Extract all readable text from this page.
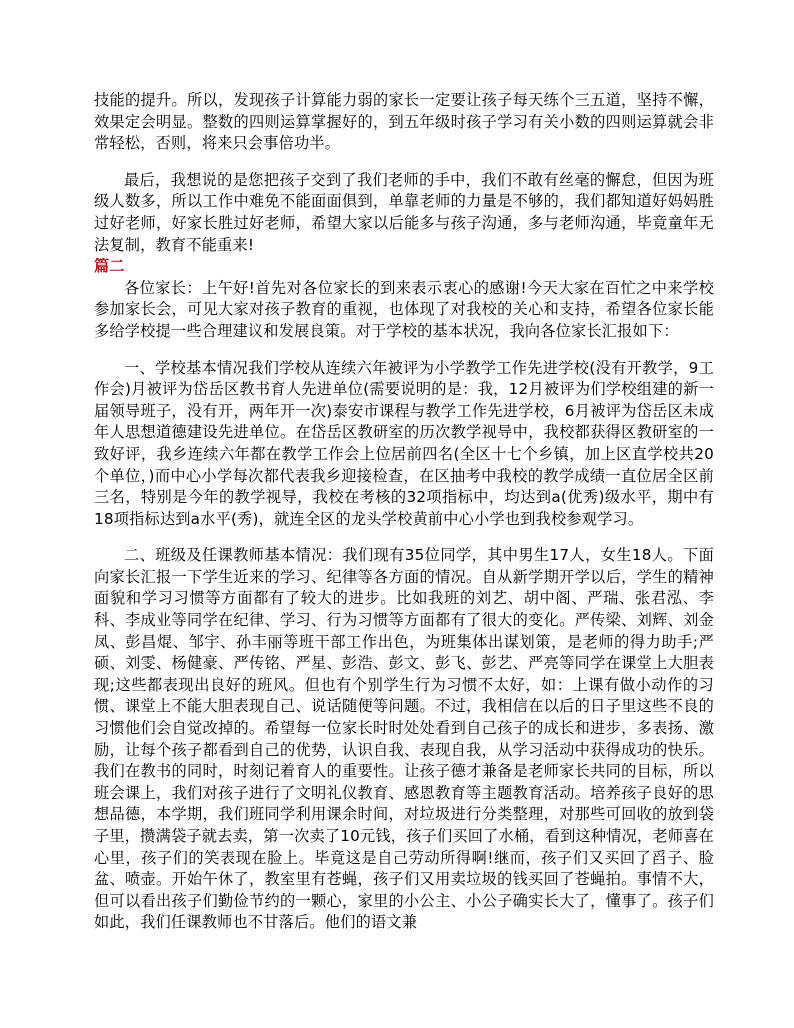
技能的提升。所以，发现孩子计算能力弱的家长一定要让孩子每天练个三五道，坚持不懈，效果定会明显。整数的四则运算掌握好的，到五年级时孩子学习有关小数的四则运算就会非常轻松，否则，将来只会事倍功半。

最后，我想说的是您把孩子交到了我们老师的手中，我们不敢有丝毫的懈怠，但因为班级人数多，所以工作中难免不能面面俱到，单靠老师的力量是不够的，我们都知道好妈妈胜过好老师，好家长胜过好老师，希望大家以后能多与孩子沟通，多与老师沟通，毕竟童年无法复制，教育不能重来!

篇二

各位家长：上午好!首先对各位家长的到来表示衷心的感谢!今天大家在百忙之中来学校参加家长会，可见大家对孩子教育的重视，也体现了对我校的关心和支持，希望各位家长能多给学校提一些合理建议和发展良策。对于学校的基本状况，我向各位家长汇报如下：

一、学校基本情况我们学校从连续六年被评为小学教学工作先进学校(没有开教学，9工作会)月被评为岱岳区教书育人先进单位(需要说明的是：我，12月被评为们学校组建的新一届领导班子，没有开，两年开一次)泰安市课程与教学工作先进学校，6月被评为岱岳区未成年人思想道德建设先进单位。在岱岳区教研室的历次教学视导中，我校都获得区教研室的一致好评，我乡连续六年都在教学工作会上位居前四名(全区十七个乡镇，加上区直学校共20个单位，)而中心小学每次都代表我乡迎接检查，在区抽考中我校的教学成绩一直位居全区前三名，特别是今年的教学视导，我校在考核的32项指标中，均达到a(优秀)级水平，期中有18项指标达到a水平(秀)，就连全区的龙头学校黄前中心小学也到我校参观学习。

二、班级及任课教师基本情况：我们现有35位同学，其中男生17人，女生18人。下面向家长汇报一下学生近来的学习、纪律等各方面的情况。自从新学期开学以后，学生的精神面貌和学习习惯等方面都有了较大的进步。比如我班的刘艺、胡中阁、严瑞、张君泓、李科、李成业等同学在纪律、学习、行为习惯等方面都有了很大的变化。严传梁、刘辉、刘金凤、彭昌焜、邹宇、孙丰丽等班干部工作出色，为班集体出谋划策，是老师的得力助手;严硕、刘雯、杨健豪、严传铭、严星、彭浩、彭文、彭飞、彭艺、严亮等同学在课堂上大胆表现;这些都表现出良好的班风。但也有个别学生行为习惯不太好，如：上课有做小动作的习惯、课堂上不能大胆表现自己、说话随便等问题。不过，我相信在以后的日子里这些不良的习惯他们会自觉改掉的。希望每一位家长时时处处看到自己孩子的成长和进步，多表扬、激励，让每个孩子都看到自己的优势，认识自我、表现自我，从学习活动中获得成功的快乐。我们在教书的同时，时刻记着育人的重要性。让孩子德才兼备是老师家长共同的目标，所以班会课上，我们对孩子进行了文明礼仪教育、感恩教育等主题教育活动。培养孩子良好的思想品德，本学期，我们班同学利用课余时间，对垃圾进行分类整理，对那些可回收的放到袋子里，攒满袋子就去卖，第一次卖了10元钱，孩子们买回了水桶，看到这种情况，老师喜在心里，孩子们的笑表现在脸上。毕竟这是自己劳动所得啊!继而，孩子们又买回了舀子、脸盆、喷壶。开始午休了，教室里有苍蝇，孩子们又用卖垃圾的钱买回了苍蝇拍。事情不大，但可以看出孩子们勤俭节约的一颗心，家里的小公主、小公子确实长大了，懂事了。孩子们如此，我们任课教师也不甘落后。他们的语文兼
